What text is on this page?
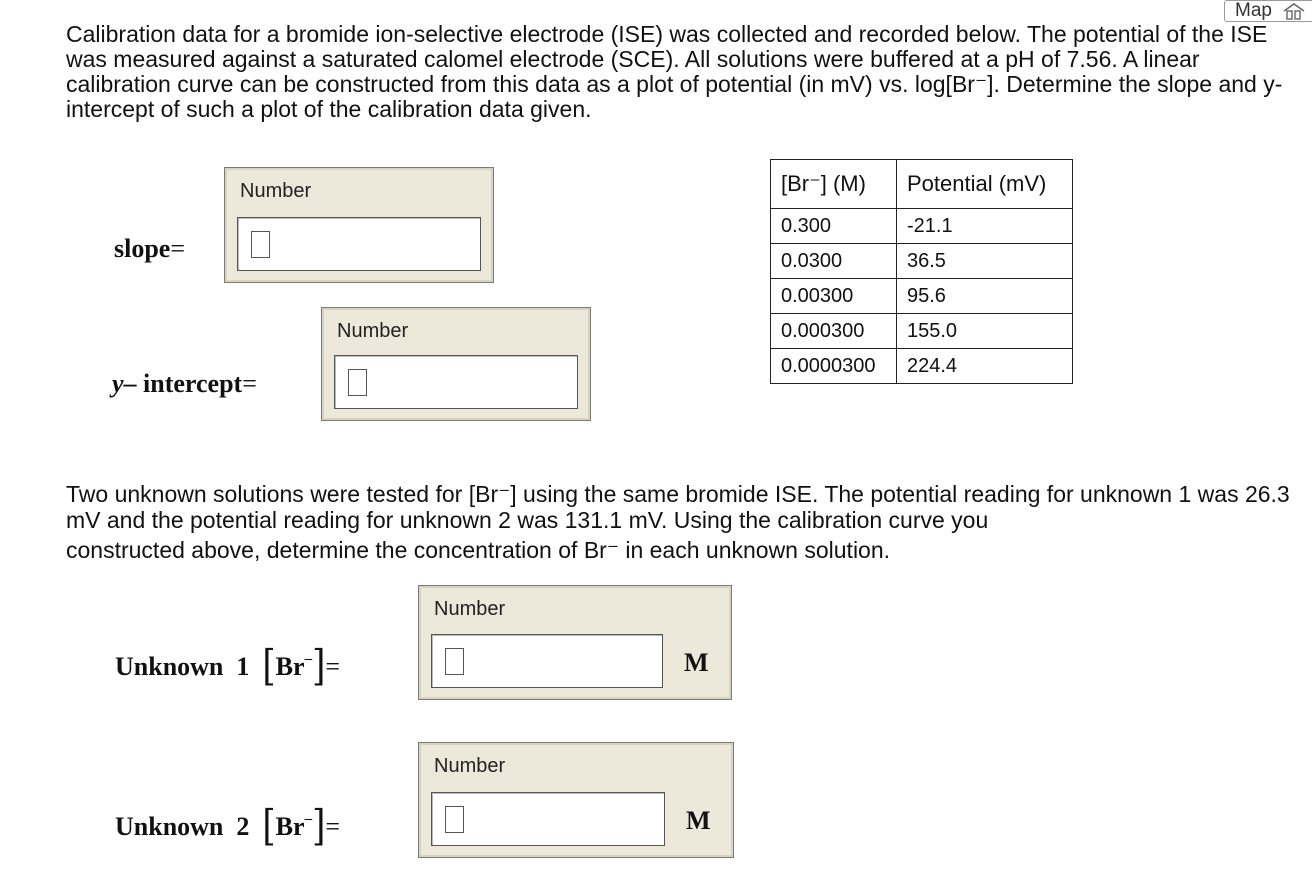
Map

Calibration data for a bromide ion-selective electrode (ISE) was collected and recorded below. The potential of the ISE was measured against a saturated calomel electrode (SCE). All solutions were buffered at a pH of 7.56. A linear calibration curve can be constructed from this data as a plot of potential (in mV) vs. log[Br⁻]. Determine the slope and y-intercept of such a plot of the calibration data given.

slope=
Number
y– intercept=
Number
[Br⁻] (M)	Potential (mV)
0.300	-21.1
0.0300	36.5
0.00300	95.6
0.000300	155.0
0.0000300	224.4
Two unknown solutions were tested for [Br⁻] using the same bromide ISE. The potential reading for unknown 1 was 26.3 mV and the potential reading for unknown 2 was 131.1 mV. Using the calibration curve you
constructed above, determine the concentration of Br⁻ in each unknown solution.
Unknown 1 [Br–]=
Number
M
Unknown 2 [Br–]=
Number
M
